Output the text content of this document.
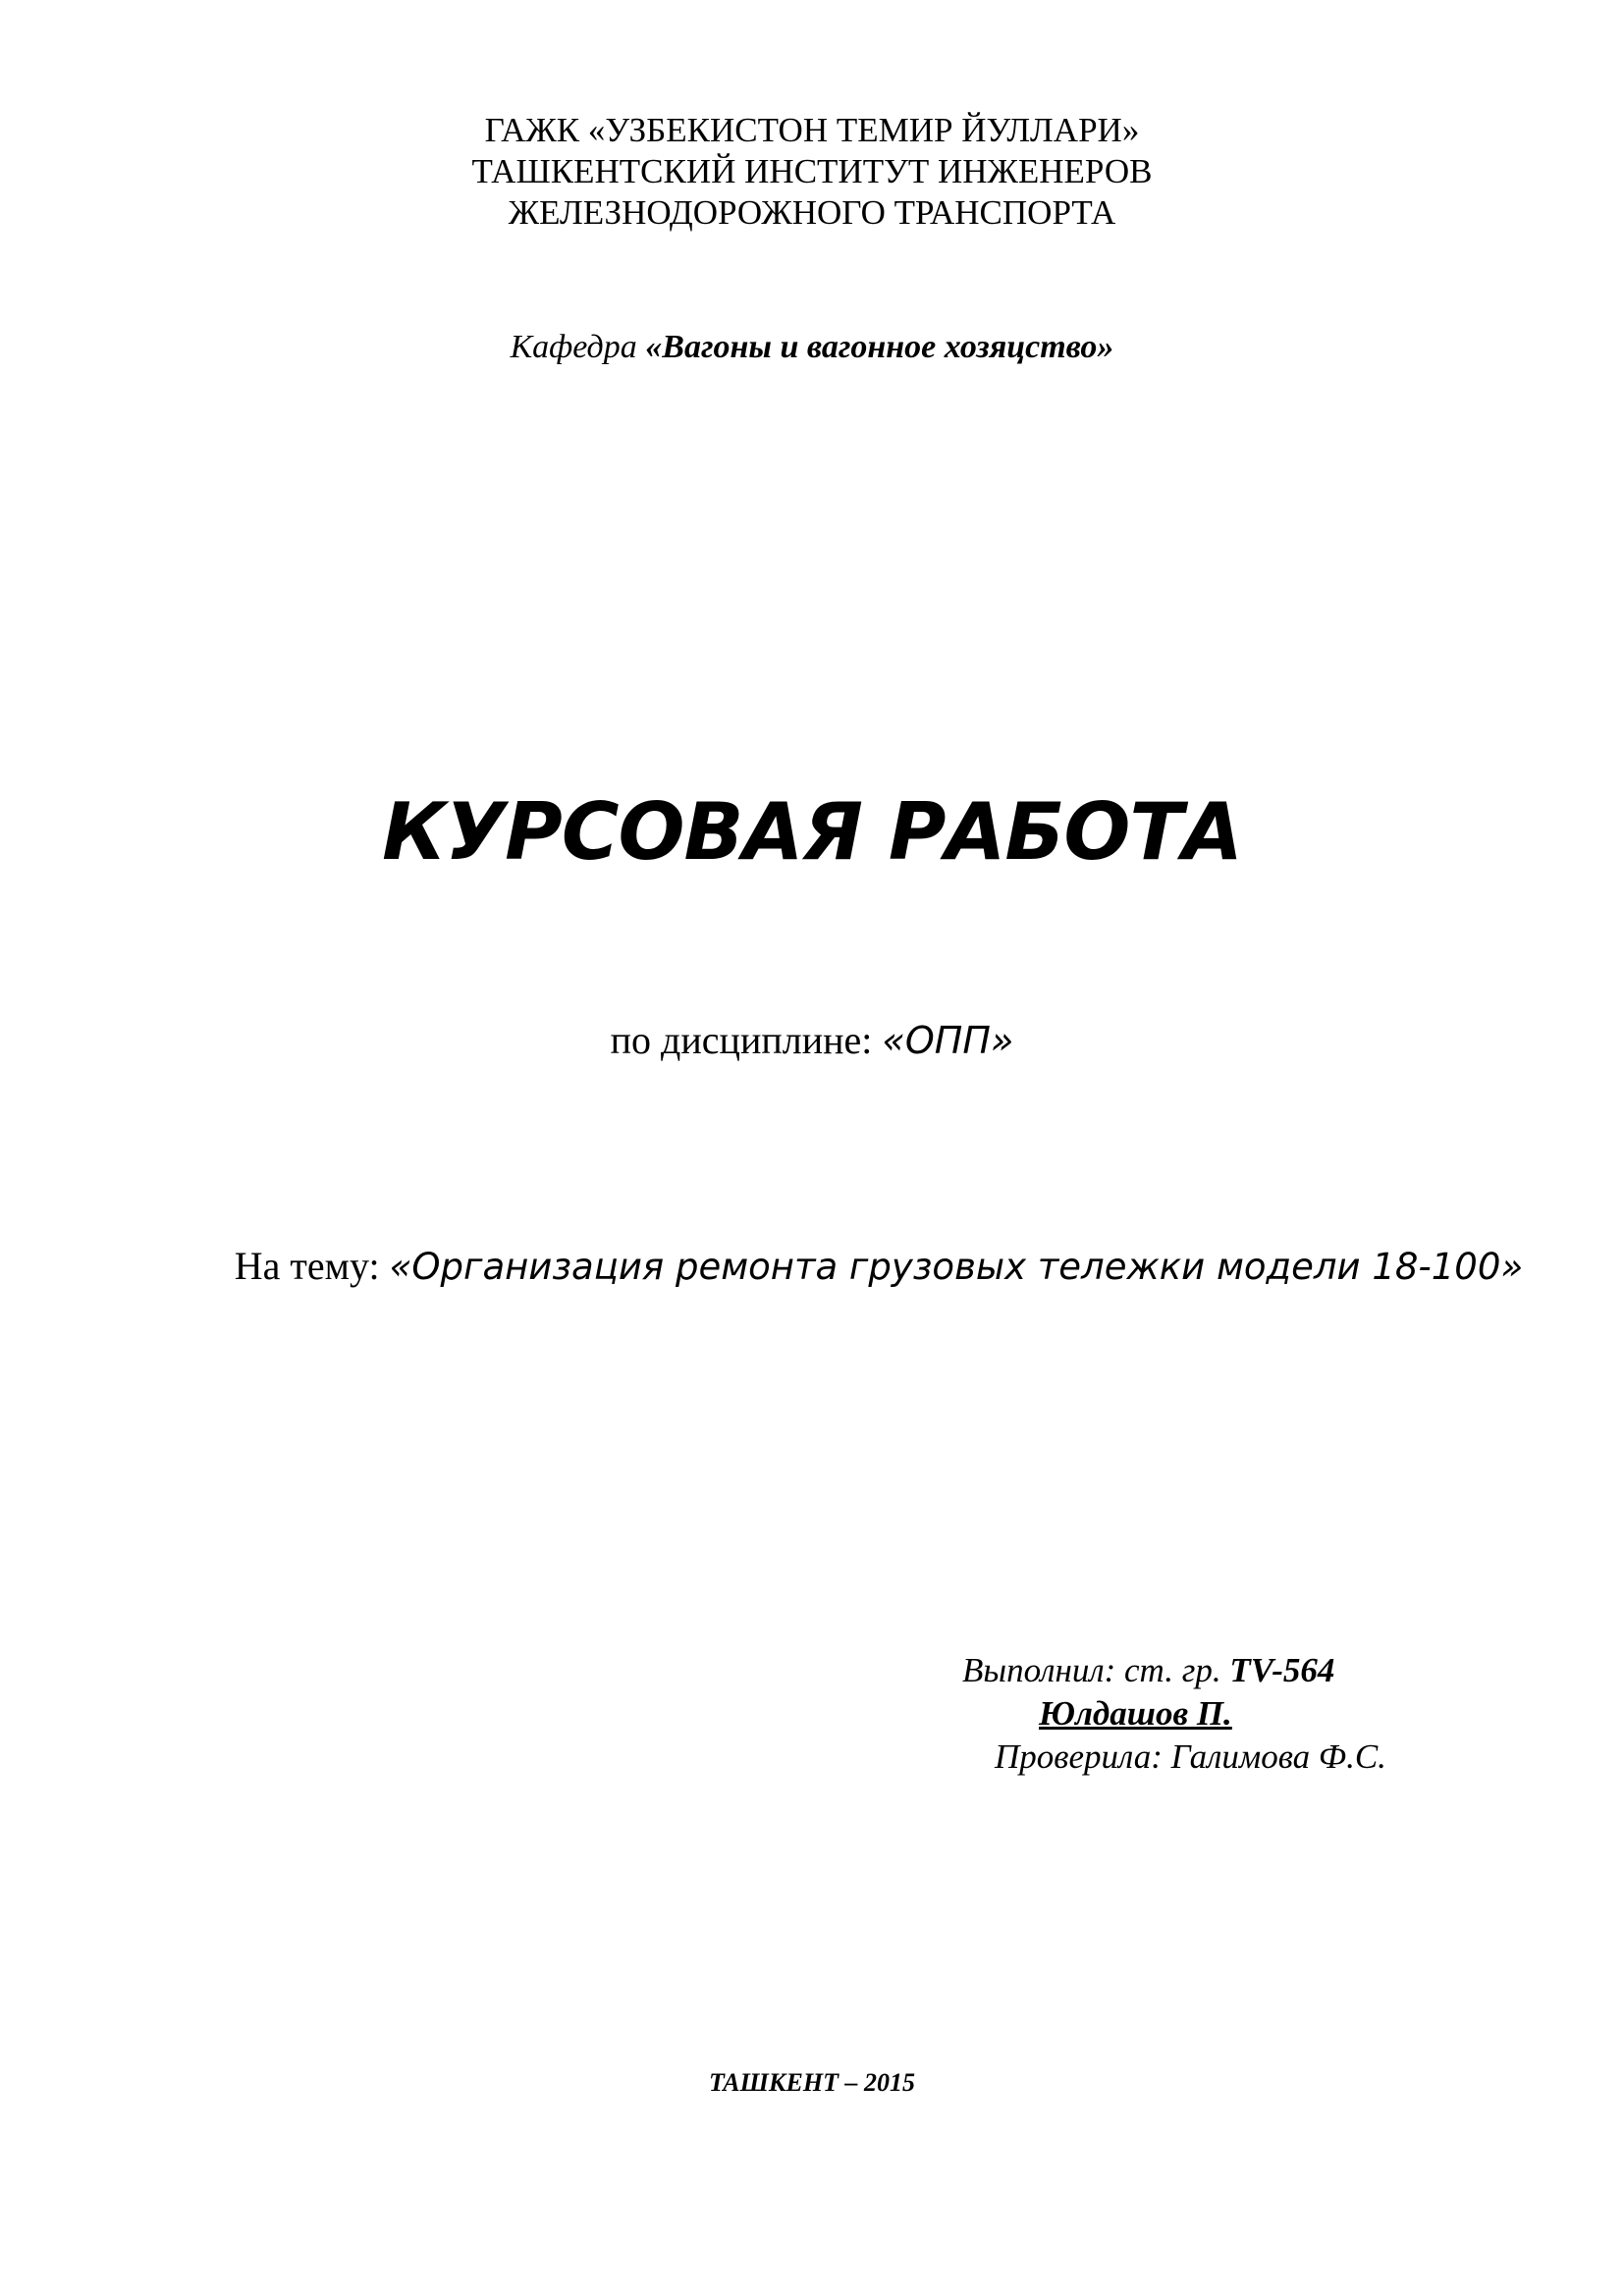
ГАЖК «УЗБЕКИСТОН ТЕМИР ЙУЛЛАРИ»
ТАШКЕНТСКИЙ ИНСТИТУТ ИНЖЕНЕРОВ
ЖЕЛЕЗНОДОРОЖНОГО ТРАНСПОРТА
Кафедра «Вагоны и вагонное хозяцство»
КУРСОВАЯ РАБОТА
по дисциплине: «ОПП»
На тему: «Организация ремонта грузовых тележки модели 18-100»
Выполнил: ст. гр. TV-564
Юлдашов П.
Проверила: Галимова Ф.С.
ТАШКЕНТ – 2015
